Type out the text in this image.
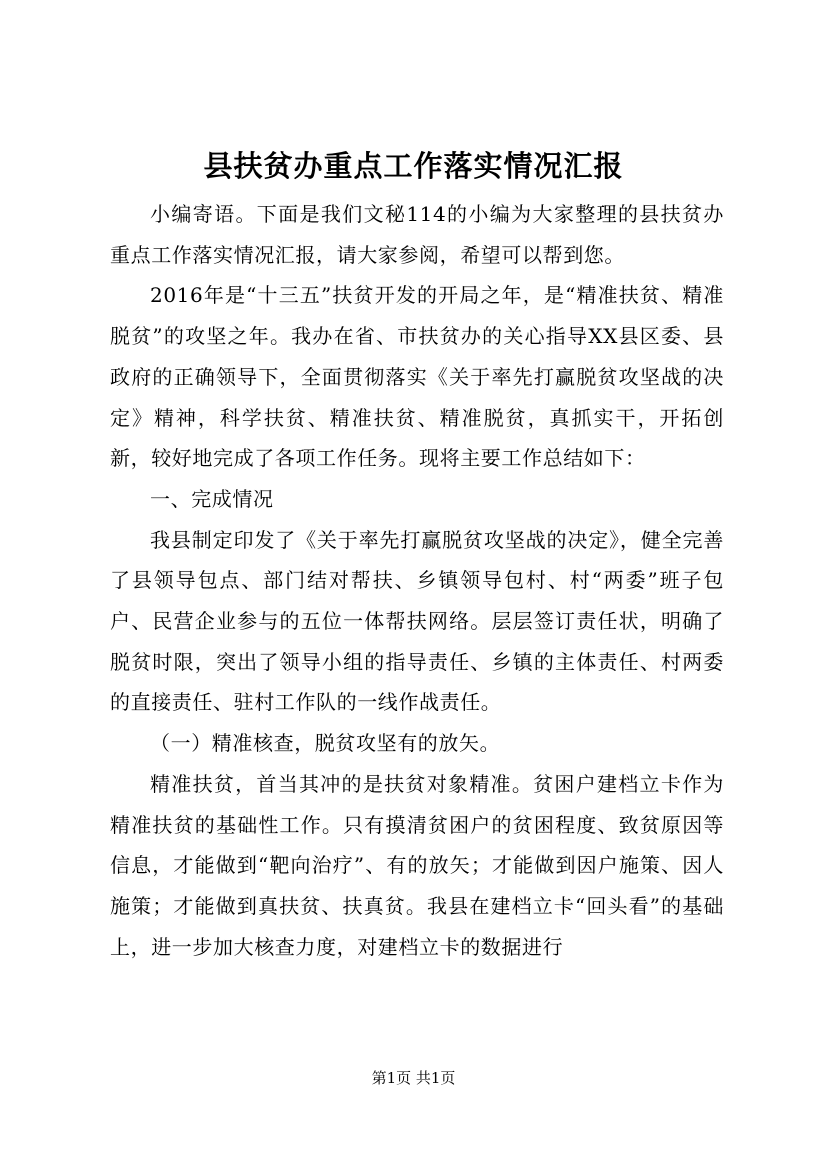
县扶贫办重点工作落实情况汇报

小编寄语。下面是我们文秘114的小编为大家整理的县扶贫办重点工作落实情况汇报，请大家参阅，希望可以帮到您。

2016年是“十三五”扶贫开发的开局之年，是“精准扶贫、精准脱贫”的攻坚之年。我办在省、市扶贫办的关心指导XX县区委、县政府的正确领导下，全面贯彻落实《关于率先打赢脱贫攻坚战的决定》精神，科学扶贫、精准扶贫、精准脱贫，真抓实干，开拓创新，较好地完成了各项工作任务。现将主要工作总结如下：

一、完成情况

我县制定印发了《关于率先打赢脱贫攻坚战的决定》，健全完善了县领导包点、部门结对帮扶、乡镇领导包村、村“两委”班子包户、民营企业参与的五位一体帮扶网络。层层签订责任状，明确了脱贫时限，突出了领导小组的指导责任、乡镇的主体责任、村两委的直接责任、驻村工作队的一线作战责任。

（一）精准核查，脱贫攻坚有的放矢。

精准扶贫，首当其冲的是扶贫对象精准。贫困户建档立卡作为精准扶贫的基础性工作。只有摸清贫困户的贫困程度、致贫原因等信息，才能做到“靶向治疗”、有的放矢；才能做到因户施策、因人施策；才能做到真扶贫、扶真贫。我县在建档立卡“回头看”的基础上，进一步加大核查力度，对建档立卡的数据进行

第1页 共1页
